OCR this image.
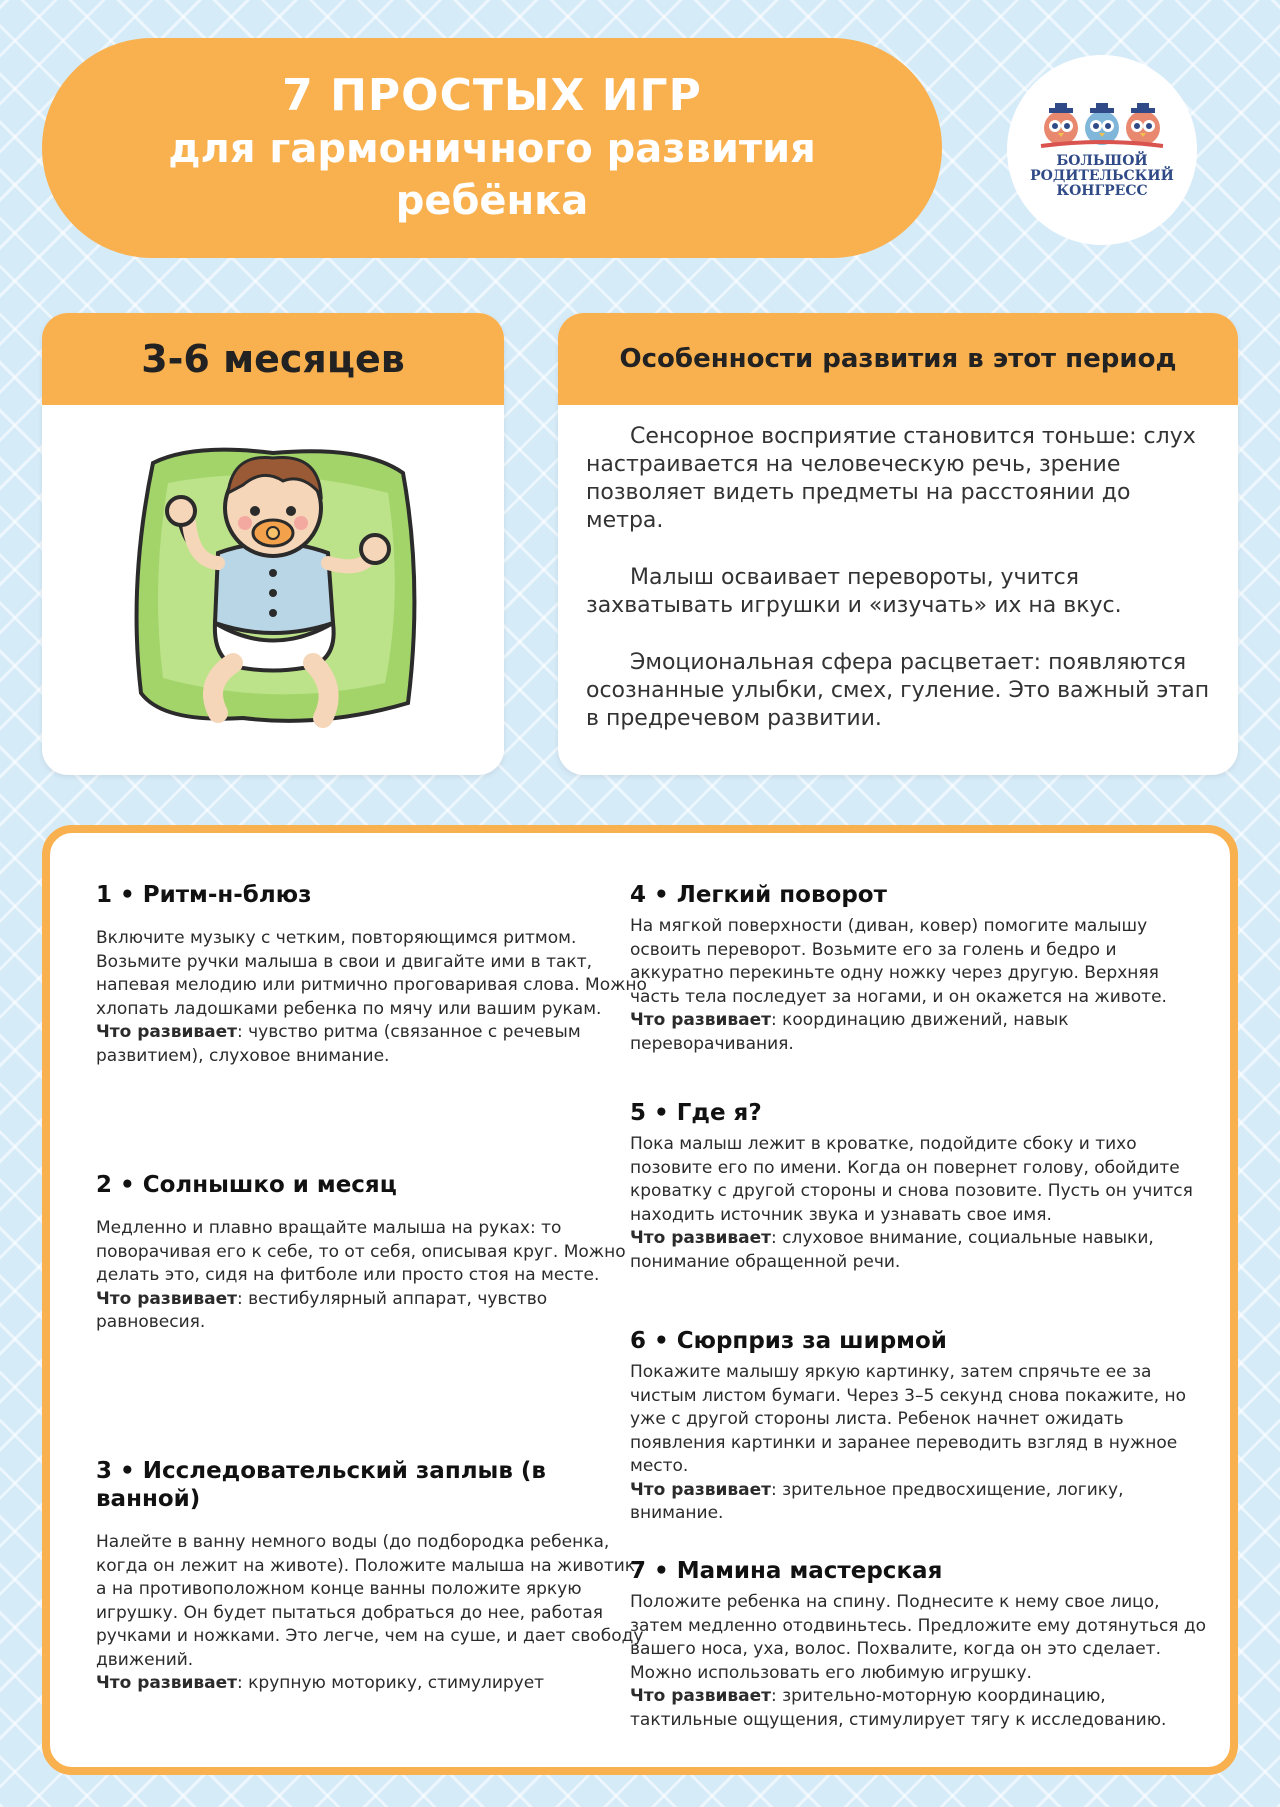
7 ПРОСТЫХ ИГР
для гармоничного развития
ребёнка
БОЛЬШОЙ
РОДИТЕЛЬСКИЙ
КОНГРЕСС
3-6 месяцев	Особенности развития в этот период
• Сенсорное восприятие становится тоньше: слух настраивается на человеческую речь, зрение позволяет видеть предметы на расстоянии до метра.
• Малыш осваивает перевороты, учится захватывать игрушки и «изучать» их на вкус.
• Эмоциональная сфера расцветает: появляются осознанные улыбки, смех, гуление. Это важный этап в предречевом развитии.
1 • Ритм-н-блюз
Включите музыку с четким, повторяющимся ритмом. Возьмите ручки малыша в свои и двигайте ими в такт, напевая мелодию или ритмично проговаривая слова. Можно хлопать ладошками ребенка по мячу или вашим рукам.
Что развивает: чувство ритма (связанное с речевым развитием), слуховое внимание.
2 • Солнышко и месяц
Медленно и плавно вращайте малыша на руках: то поворачивая его к себе, то от себя, описывая круг. Можно делать это, сидя на фитболе или просто стоя на месте.
Что развивает: вестибулярный аппарат, чувство равновесия.
3 • Исследовательский заплыв (в ванной)
Налейте в ванну немного воды (до подбородка ребенка, когда он лежит на животе). Положите малыша на животик, а на противоположном конце ванны положите яркую игрушку. Он будет пытаться добраться до нее, работая ручками и ножками. Это легче, чем на суше, и дает свободу движений.
Что развивает: крупную моторику, стимулирует
4 • Легкий поворот
На мягкой поверхности (диван, ковер) помогите малышу освоить переворот. Возьмите его за голень и бедро и аккуратно перекиньте одну ножку через другую. Верхняя часть тела последует за ногами, и он окажется на животе.
Что развивает: координацию движений, навык переворачивания.
5 • Где я?
Пока малыш лежит в кроватке, подойдите сбоку и тихо позовите его по имени. Когда он повернет голову, обойдите кроватку с другой стороны и снова позовите. Пусть он учится находить источник звука и узнавать свое имя.
Что развивает: слуховое внимание, социальные навыки, понимание обращенной речи.
6 • Сюрприз за ширмой
Покажите малышу яркую картинку, затем спрячьте ее за чистым листом бумаги. Через 3–5 секунд снова покажите, но уже с другой стороны листа. Ребенок начнет ожидать появления картинки и заранее переводить взгляд в нужное место.
Что развивает: зрительное предвосхищение, логику, внимание.
7 • Мамина мастерская
Положите ребенка на спину. Поднесите к нему свое лицо, затем медленно отодвиньтесь. Предложите ему дотянуться до вашего носа, уха, волос. Похвалите, когда он это сделает. Можно использовать его любимую игрушку.
Что развивает: зрительно-моторную координацию, тактильные ощущения, стимулирует тягу к исследованию.
